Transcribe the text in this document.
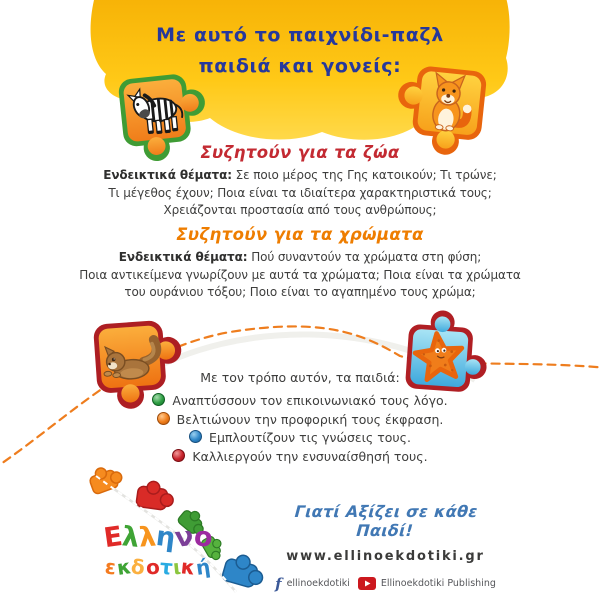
Με αυτό το παιχνίδι-παζλ
παιδιά και γονείς:
Συζητούν για τα ζώα
Ενδεικτικά θέματα: Σε ποιο μέρος της Γης κατοικούν; Τι τρώνε;
Τι μέγεθος έχουν; Ποια είναι τα ιδιαίτερα χαρακτηριστικά τους;
Χρειάζονται προστασία από τους ανθρώπους;
Συζητούν για τα χρώματα
Ενδεικτικά θέματα: Πού συναντούν τα χρώματα στη φύση;
Ποια αντικείμενα γνωρίζουν με αυτά τα χρώματα; Ποια είναι τα χρώματα
του ουράνιου τόξου; Ποιο είναι το αγαπημένο τους χρώμα;
Με τον τρόπο αυτόν, τα παιδιά:
Αναπτύσσουν τον επικοινωνιακό τους λόγο.
Βελτιώνουν την προφορική τους έκφραση.
Εμπλουτίζουν τις γνώσεις τους.
Καλλιεργούν την ενσυναίσθησή τους.
Ελληνο
εκδοτική
Γιατί Αξίζει σε κάθε Παιδί!
www.ellinoekdotiki.gr
f ellinoekdotiki	Ellinoekdotiki Publishing
